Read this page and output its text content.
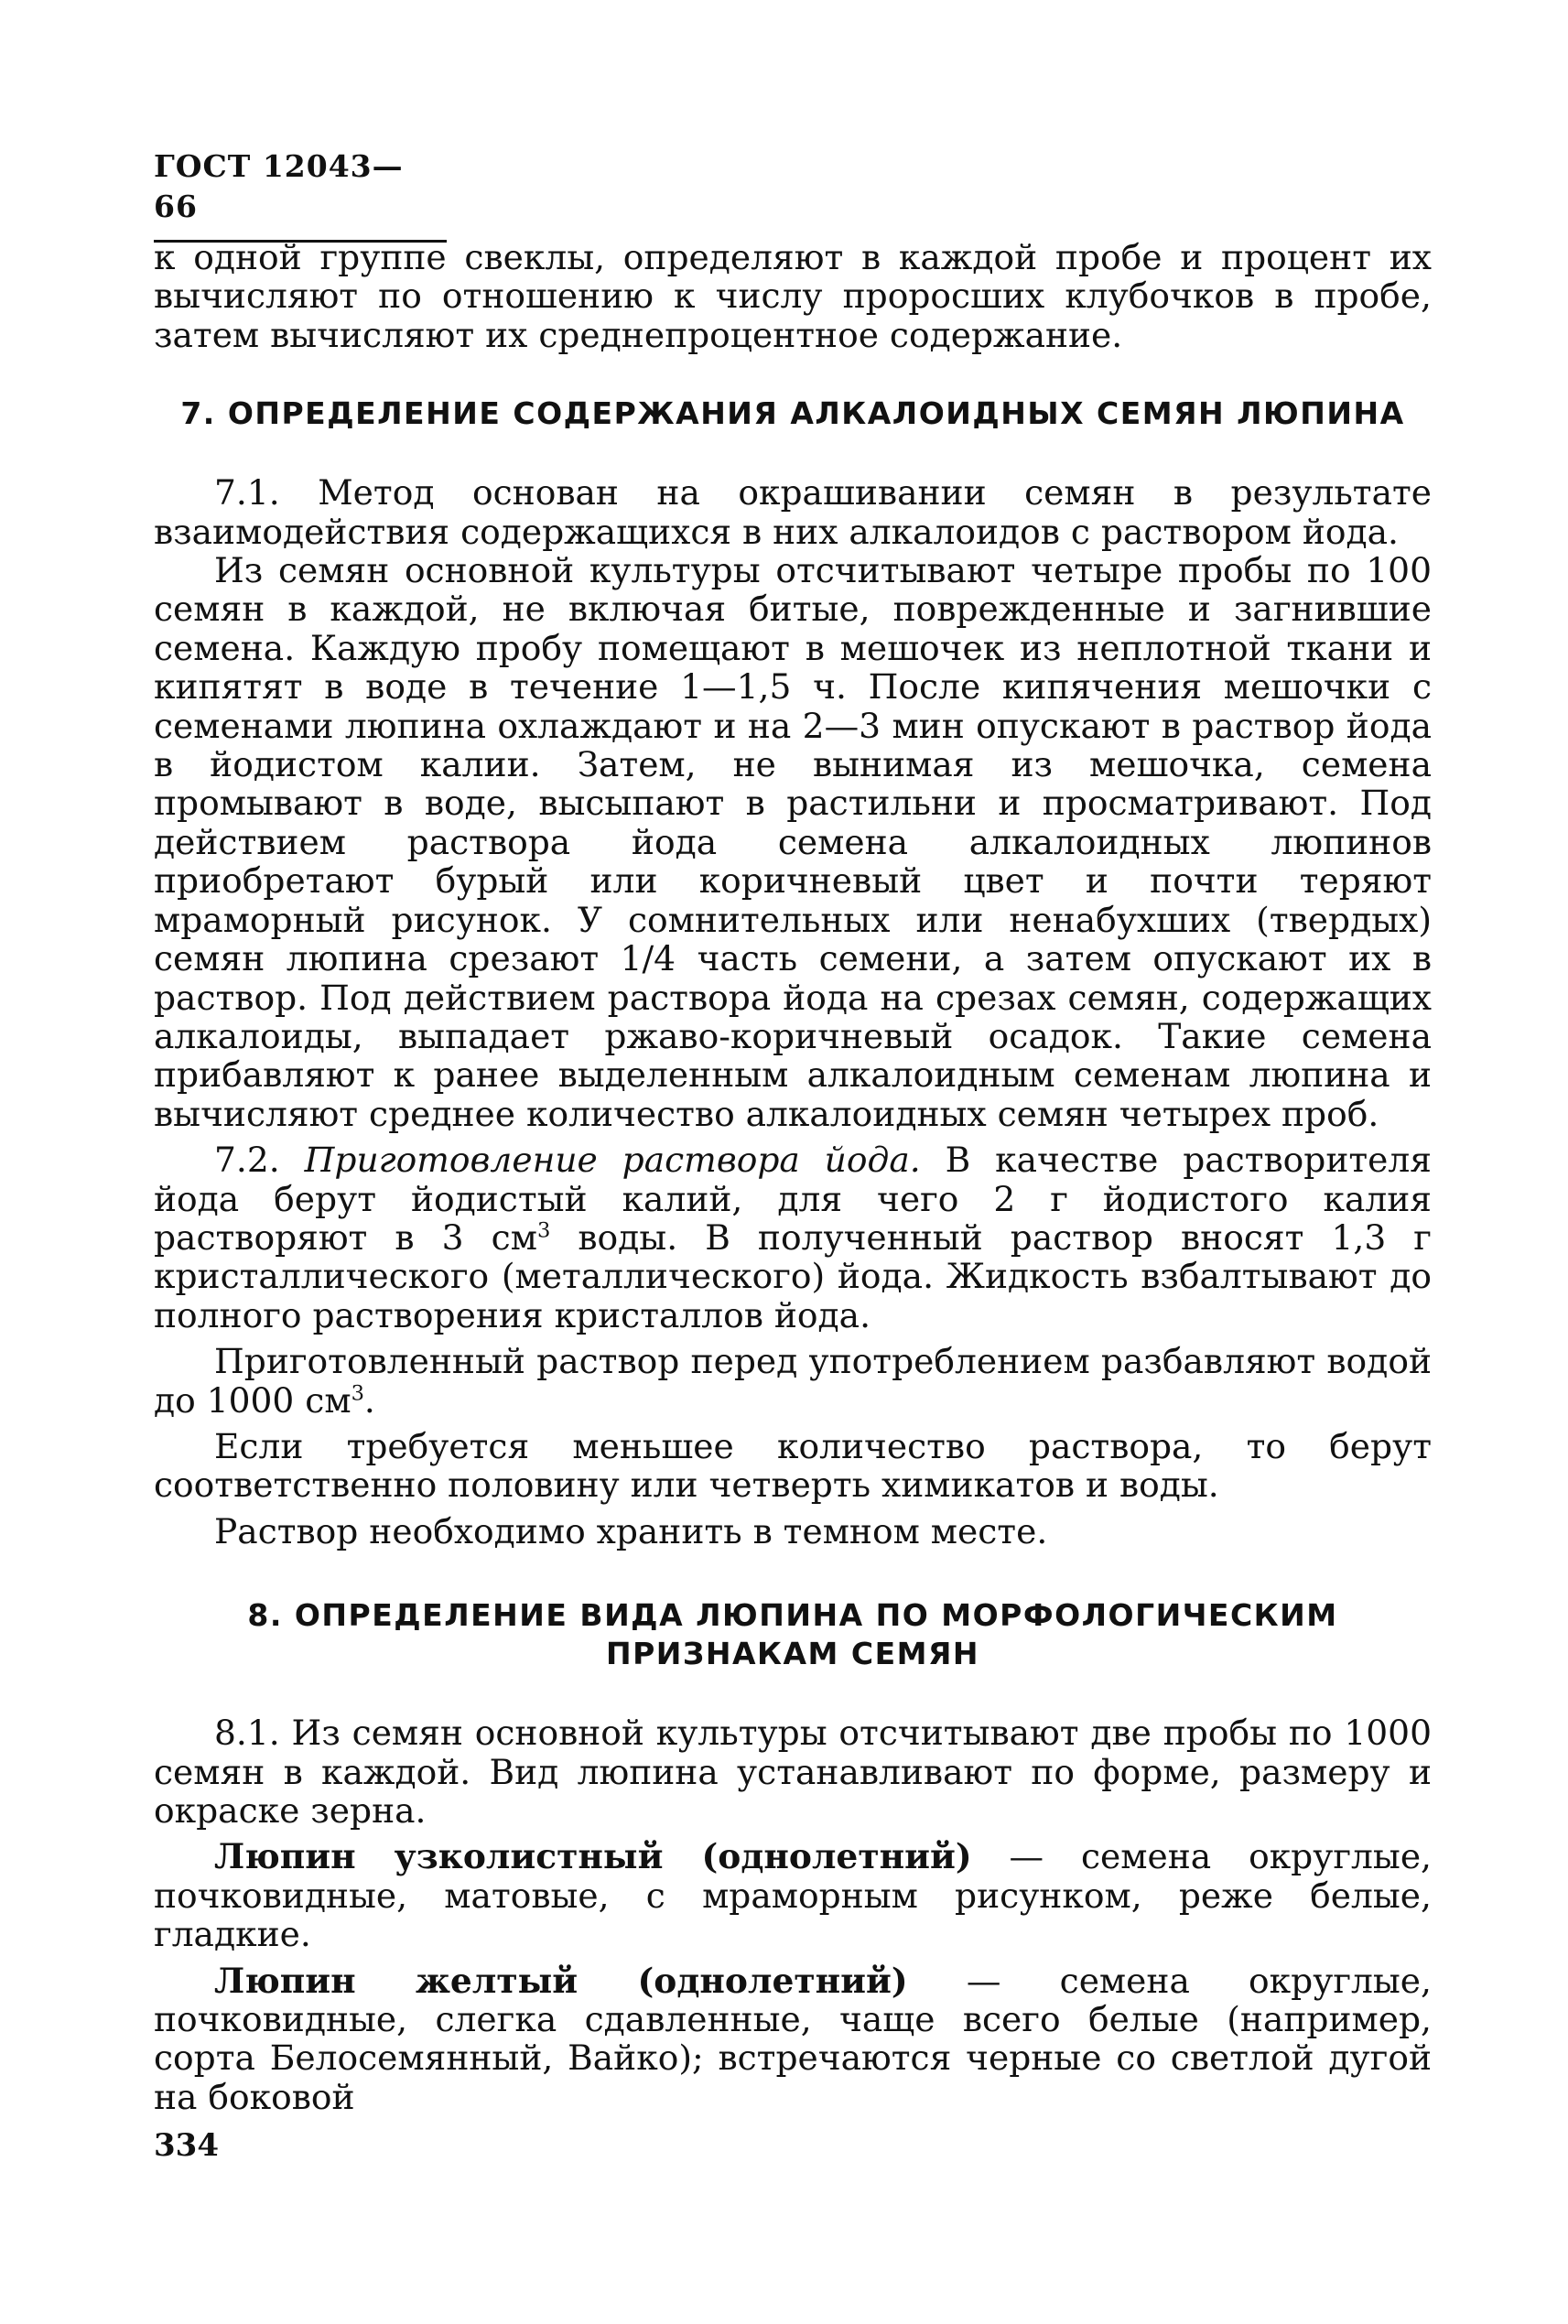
ГОСТ 12043—66

к одной группе свеклы, определяют в каждой пробе и процент их вычисляют по отношению к числу проросших клубочков в пробе, затем вычисляют их среднепроцентное содержание.

7. ОПРЕДЕЛЕНИЕ СОДЕРЖАНИЯ АЛКАЛОИДНЫХ СЕМЯН ЛЮПИНА

7.1. Метод основан на окрашивании семян в результате взаимодействия содержащихся в них алкалоидов с раствором йода.

Из семян основной культуры отсчитывают четыре пробы по 100 семян в каждой, не включая битые, поврежденные и загнившие семена. Каждую пробу помещают в мешочек из неплотной ткани и кипятят в воде в течение 1—1,5 ч. После кипячения мешочки с семенами люпина охлаждают и на 2—3 мин опускают в раствор йода в йодистом калии. Затем, не вынимая из мешочка, семена промывают в воде, высыпают в растильни и просматривают. Под действием раствора йода семена алкалоидных люпинов приобретают бурый или коричневый цвет и почти теряют мраморный рисунок. У сомнительных или ненабухших (твердых) семян люпина срезают 1/4 часть семени, а затем опускают их в раствор. Под действием раствора йода на срезах семян, содержащих алкалоиды, выпадает ржаво-коричневый осадок. Такие семена прибавляют к ранее выделенным алкалоидным семенам люпина и вычисляют среднее количество алкалоидных семян четырех проб.

7.2. Приготовление раствора йода. В качестве растворителя йода берут йодистый калий, для чего 2 г йодистого калия растворяют в 3 $см^3$ воды. В полученный раствор вносят 1,3 г кристаллического (металлического) йода. Жидкость взбалтывают до полного растворения кристаллов йода.

Приготовленный раствор перед употреблением разбавляют водой до 1000 $см^3$.

Если требуется меньшее количество раствора, то берут соответственно половину или четверть химикатов и воды.

Раствор необходимо хранить в темном месте.

8. ОПРЕДЕЛЕНИЕ ВИДА ЛЮПИНА ПО МОРФОЛОГИЧЕСКИМ ПРИЗНАКАМ СЕМЯН

8.1. Из семян основной культуры отсчитывают две пробы по 1000 семян в каждой. Вид люпина устанавливают по форме, размеру и окраске зерна.

Люпин узколистный (однолетний) — семена округлые, почковидные, матовые, с мраморным рисунком, реже белые, гладкие.

Люпин желтый (однолетний) — семена округлые, почковидные, слегка сдавленные, чаще всего белые (например, сорта Белосемянный, Вайко); встречаются черные со светлой дугой на боковой

334
